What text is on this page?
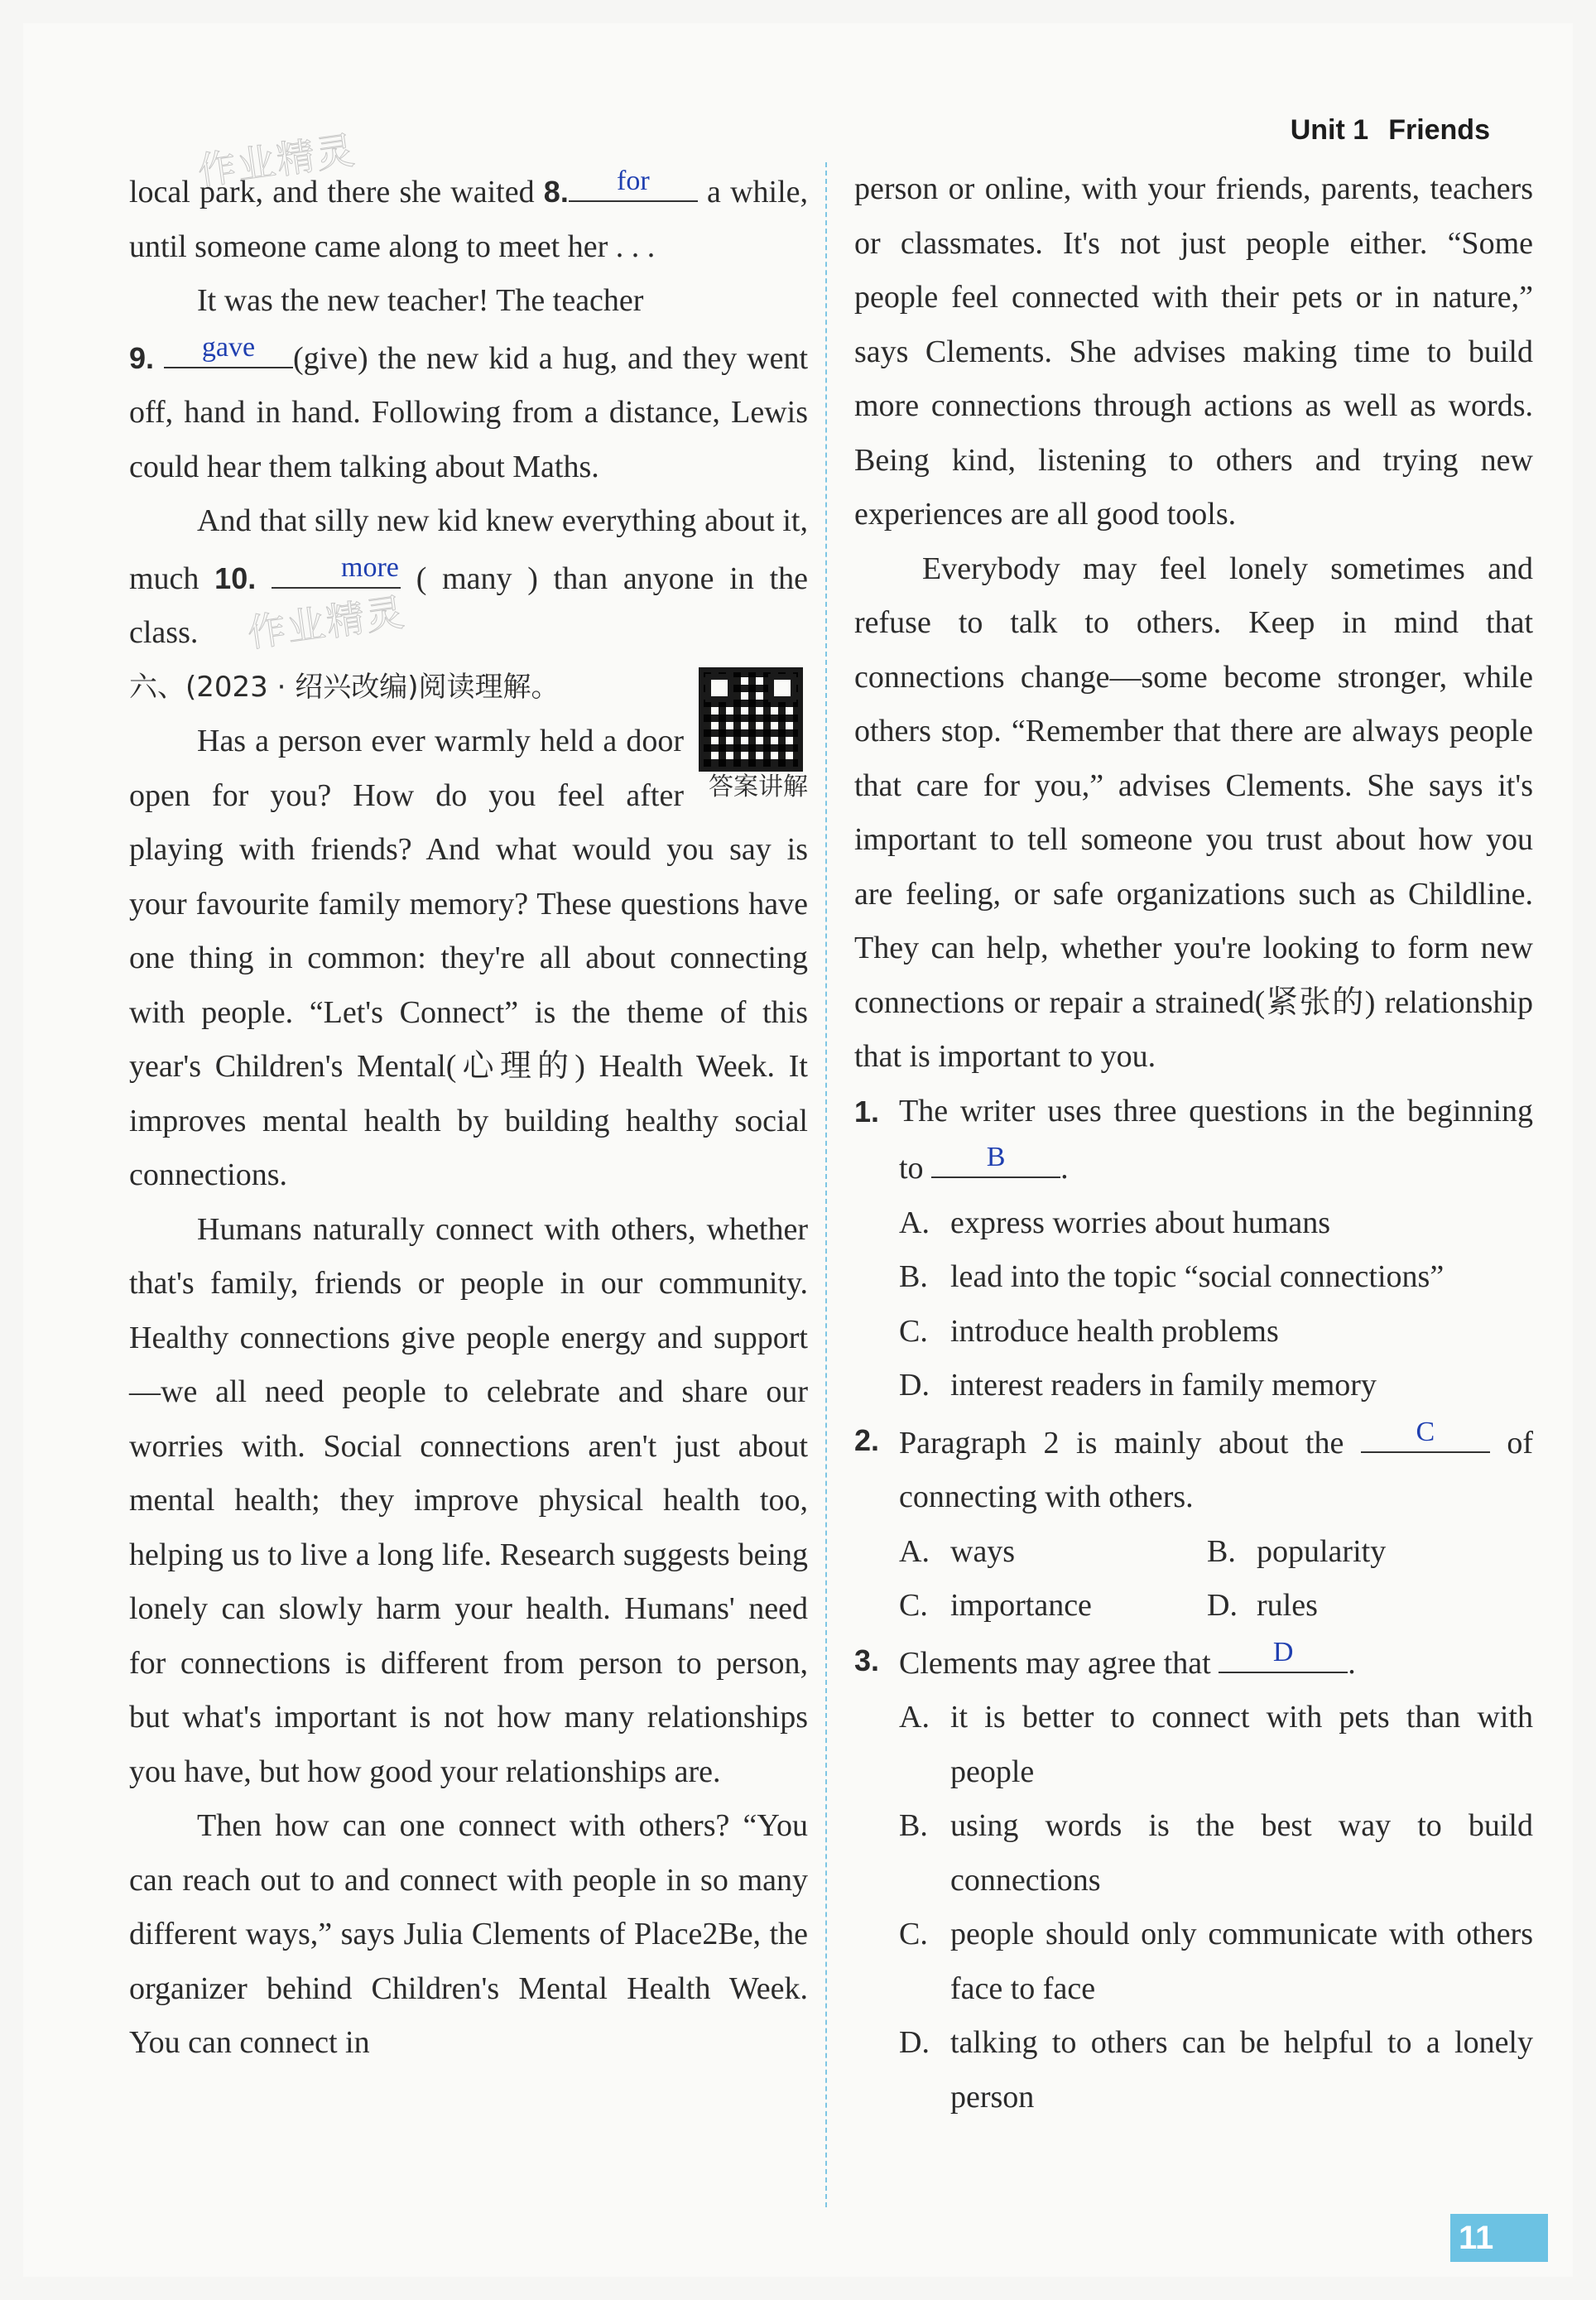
Unit 1 Friends
作业精灵
作业精灵

local park, and there she waited 8.	for	a while, until someone came along to meet her . . .

It was the new teacher! The teacher

9.	gave	(give) the new kid a hug, and they went off, hand in hand. Following from a distance, Lewis could hear them talking about Maths.

And that silly new kid knew everything about it, much 10.	more ( many ) than anyone in the class.

答案讲解

六、(2023 · 绍兴改编)阅读理解。

Has a person ever warmly held a door open for you? How do you feel after playing with friends? And what would you say is your favourite family memory? These questions have one thing in common: they're all about connecting with people. “Let's Connect” is the theme of this year's Children's Mental(心理的) Health Week. It improves mental health by building healthy social connections.

Humans naturally connect with others, whether that's family, friends or people in our community. Healthy connections give people energy and support—we all need people to celebrate and share our worries with. Social connections aren't just about mental health; they improve physical health too, helping us to live a long life. Research suggests being lonely can slowly harm your health. Humans' need for connections is different from person to person, but what's important is not how many relationships you have, but how good your relationships are.

Then how can one connect with others? “You can reach out to and connect with people in so many different ways,” says Julia Clements of Place2Be, the organizer behind Children's Mental Health Week. You can connect in

person or online, with your friends, parents, teachers or classmates. It's not just people either. “Some people feel connected with their pets or in nature,” says Clements. She advises making time to build more connections through actions as well as words. Being kind, listening to others and trying new experiences are all good tools.

Everybody may feel lonely sometimes and refuse to talk to others. Keep in mind that connections change—some become stronger, while others stop. “Remember that there are always people that care for you,” advises Clements. She says it's important to tell someone you trust about how you are feeling, or safe organizations such as Childline. They can help, whether you're looking to form new connections or repair a strained(紧张的) relationship that is important to you.

1. The writer uses three questions in the beginning to	B	.
A. express worries about humans
B. lead into the topic “social connections”
C. introduce health problems
D. interest readers in family memory
2. Paragraph 2 is mainly about the	C	of connecting with others.
A. ways	B. popularity
C. importance	D. rules
3. Clements may agree that	D	.
A. it is better to connect with pets than with people
B. using words is the best way to build connections
C. people should only communicate with others face to face
D. talking to others can be helpful to a lonely person
11
